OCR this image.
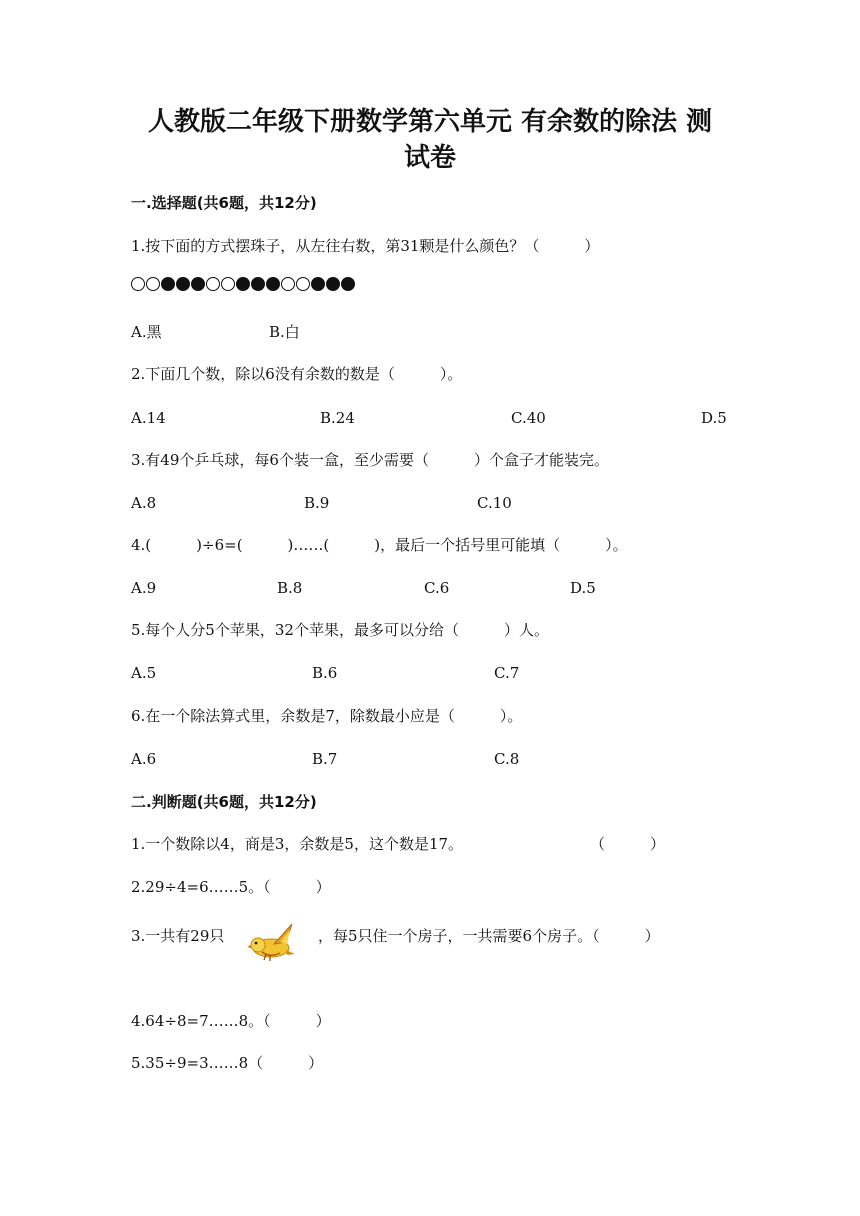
人教版二年级下册数学第六单元 有余数的除法 测
试卷
一.选择题(共6题，共12分)
1.按下面的方式摆珠子，从左往右数，第31颗是什么颜色？（　　　）
A.黑	B.白
2.下面几个数，除以6没有余数的数是（　　　）。
A.14	B.24	C.40	D.5
3.有49个乒乓球，每6个装一盒，至少需要（　　　）个盒子才能装完。
A.8	B.9	C.10
4.(　　　)÷6=(　　　)……(　　　)，最后一个括号里可能填（　　　）。
A.9	B.8	C.6	D.5
5.每个人分5个苹果，32个苹果，最多可以分给（　　　）人。
A.5	B.6	C.7
6.在一个除法算式里，余数是7，除数最小应是（　　　）。
A.6	B.7	C.8
二.判断题(共6题，共12分)
1.一个数除以4，商是3，余数是5，这个数是17。	（　　　）
2.29÷4=6……5。（　　　）
3.一共有29只	，每5只住一个房子，一共需要6个房子。（　　　）
4.64÷8=7……8。（　　　）
5.35÷9=3……8（　　　）
